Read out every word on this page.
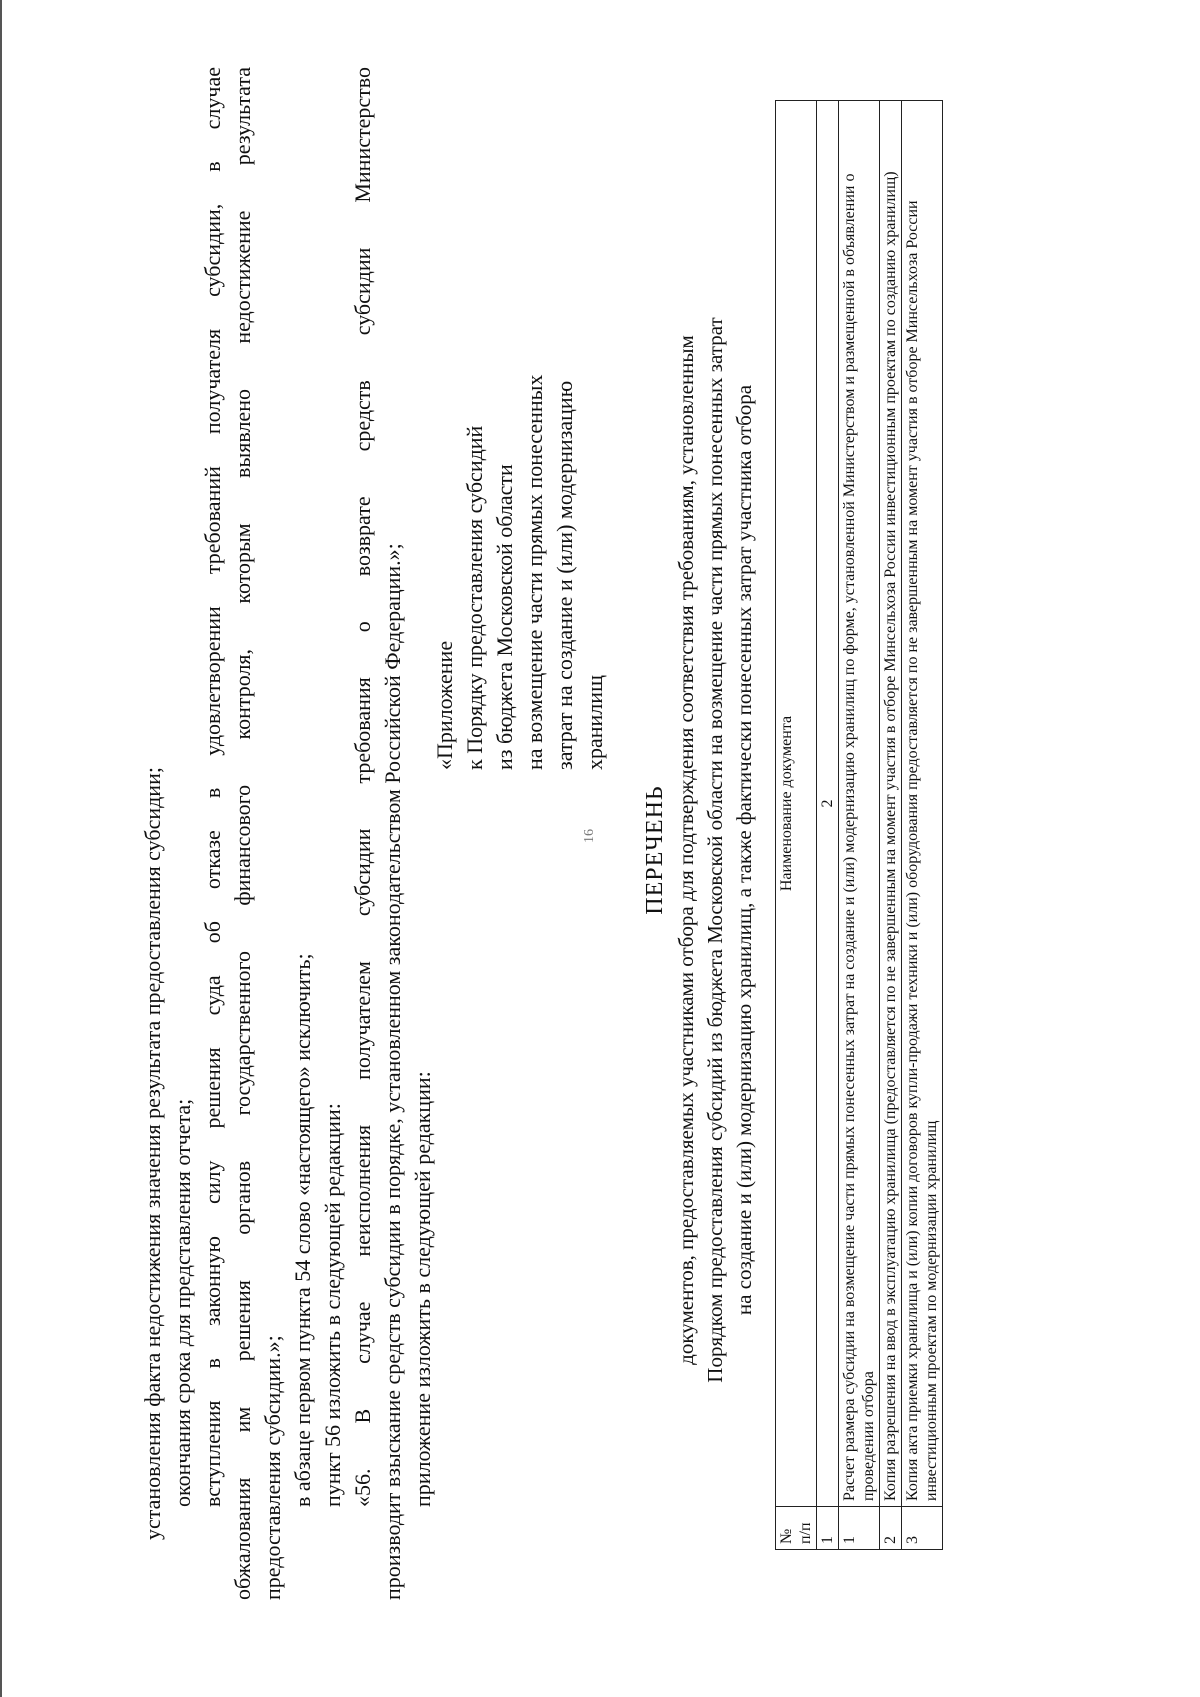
16
установления факта недостижения значения результата предоставления субсидии; окончания срока для представления отчета; вступления в законную силу решения суда об отказе в удовлетворении требований получателя субсидии, в случае обжалования им решения органов государственного финансового контроля, которым выявлено недостижение результата предоставления субсидии.»; в абзаце первом пункта 54 слово «настоящего» исключить; пункт 56 изложить в следующей редакции: «56. В случае неисполнения получателем субсидии требования о возврате средств субсидии Министерство производит взыскание средств субсидии в порядке, установленном законодательством Российской Федерации.»; приложение изложить в следующей редакции:
«Приложение к Порядку предоставления субсидий из бюджета Московской области на возмещение части прямых понесенных затрат на создание и (или) модернизацию хранилищ
ПЕРЕЧЕНЬ документов, предоставляемых участниками отбора для подтверждения соответствия требованиям, установленным Порядком предоставления субсидий из бюджета Московской области на возмещение части прямых понесенных затрат на создание и (или) модернизацию хранилищ, а также фактически понесенных затрат участника отбора
№ п/п	Наименование документа
1	2
1	Расчет размера субсидии на возмещение части прямых понесенных затрат на создание и (или) модернизацию хранилищ по форме, установленной Министерством и размещенной в объявлении о проведении отбора
2	Копия разрешения на ввод в эксплуатацию хранилища (предоставляется по не завершенным на момент участия в отборе Минсельхоза России инвестиционным проектам по созданию хранилищ)
3	Копия акта приемки хранилища и (или) копии договоров купли-продажи техники и (или) оборудования предоставляется по не завершенным на момент участия в отборе Минсельхоза России инвестиционным проектам по модернизации хранилищ
